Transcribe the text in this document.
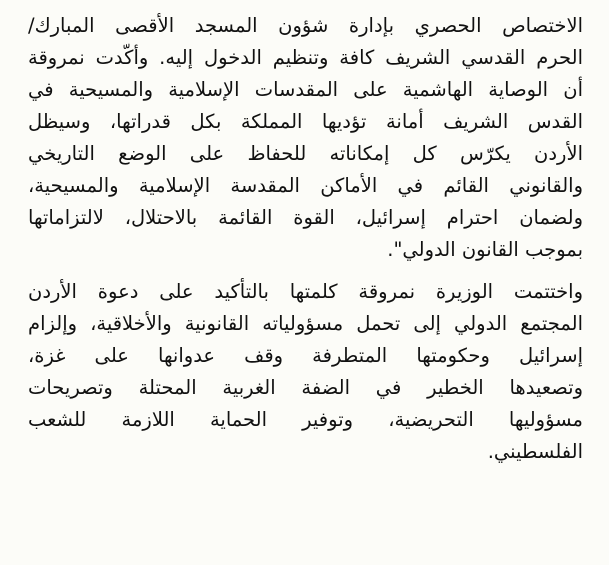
الاختصاص الحصري بإدارة شؤون المسجد الأقصى المبارك/
الحرم القدسي الشريف كافة وتنظيم الدخول إليه. وأكّدت نمروقة
أن الوصاية الهاشمية على المقدسات الإسلامية والمسيحية في
القدس الشريف أمانة تؤديها المملكة بكل قدراتها، وسيظل
الأردن يكرّس كل إمكاناته للحفاظ على الوضع التاريخي
والقانوني القائم في الأماكن المقدسة الإسلامية والمسيحية،
ولضمان احترام إسرائيل، القوة القائمة بالاحتلال، لالتزاماتها
بموجب القانون الدولي".

واختتمت الوزيرة نمروقة كلمتها بالتأكيد على دعوة الأردن
المجتمع الدولي إلى تحمل مسؤولياته القانونية والأخلاقية، وإلزام
إسرائيل وحكومتها المتطرفة وقف عدوانها على غزة،
وتصعيدها الخطير في الضفة الغربية المحتلة وتصريحات
مسؤوليها التحريضية، وتوفير الحماية اللازمة للشعب
الفلسطيني.
